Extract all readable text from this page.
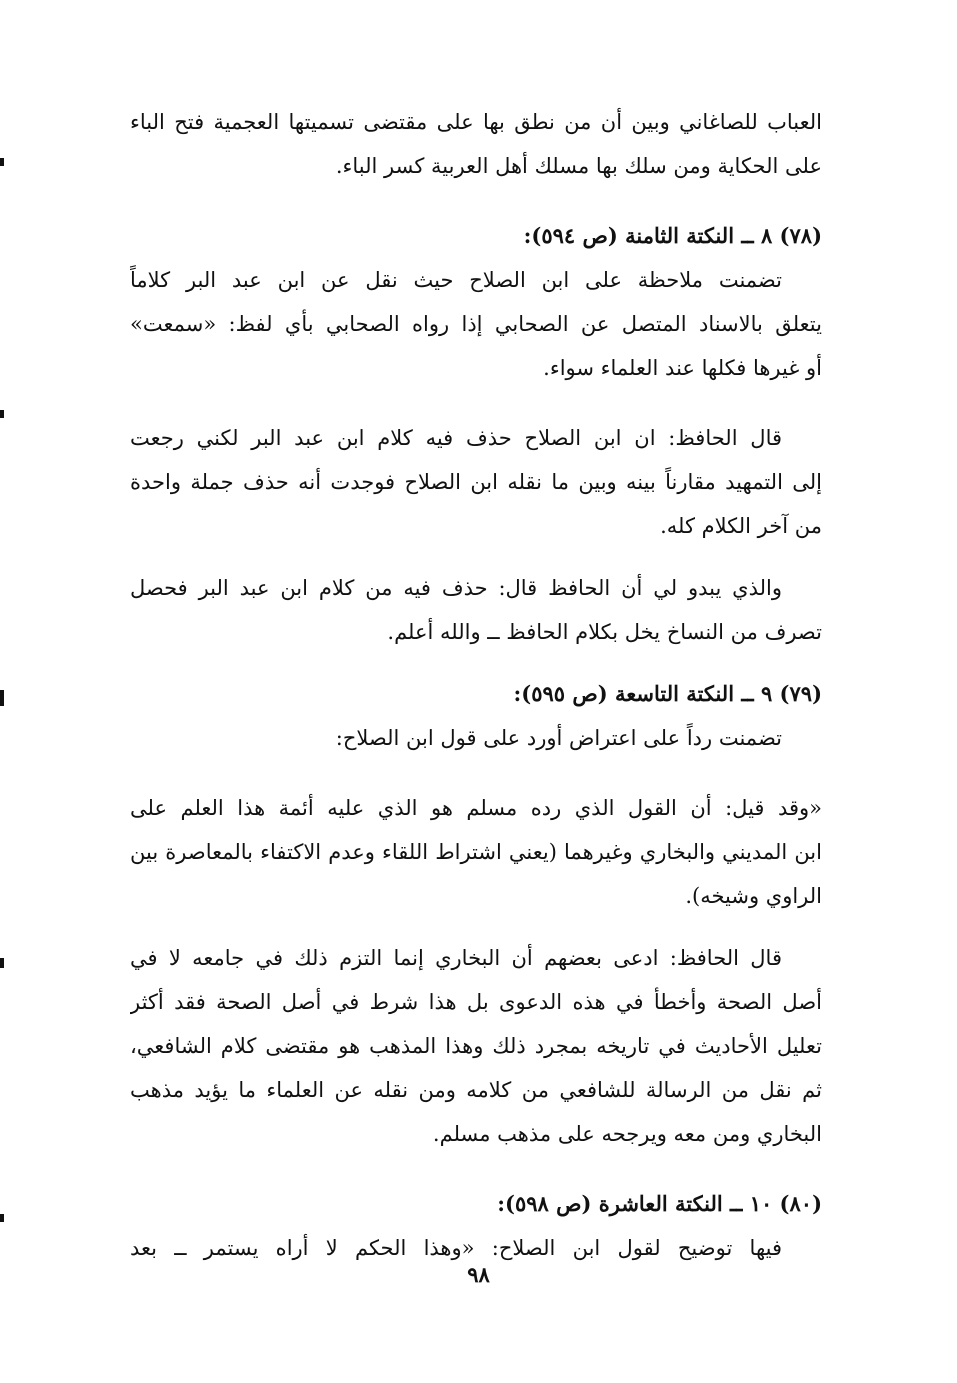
العباب للصاغاني وبين أن من نطق بها على مقتضى تسميتها العجمية فتح الباء
على الحكاية ومن سلك بها مسلك أهل العربية كسر الباء.
(٧٨) ٨ ــ النكتة الثامنة (ص ٥٩٤):
تضمنت ملاحظة على ابن الصلاح حيث نقل عن ابن عبد البر كلاماً
يتعلق بالاسناد المتصل عن الصحابي إذا رواه الصحابي بأي لفظ: «سمعت»
أو غيرها فكلها عند العلماء سواء.
قال الحافظ: ان ابن الصلاح حذف فيه كلام ابن عبد البر لكني رجعت
إلى التمهيد مقارناً بينه وبين ما نقله ابن الصلاح فوجدت أنه حذف جملة واحدة
من آخر الكلام كله.
والذي يبدو لي أن الحافظ قال: حذف فيه من كلام ابن عبد البر فحصل
تصرف من النساخ يخل بكلام الحافظ ــ والله أعلم.
(٧٩) ٩ ــ النكتة التاسعة (ص ٥٩٥):
تضمنت رداً على اعتراض أورد على قول ابن الصلاح:
«وقد قيل: أن القول الذي رده مسلم هو الذي عليه أئمة هذا العلم على
ابن المديني والبخاري وغيرهما (يعني اشتراط اللقاء وعدم الاكتفاء بالمعاصرة بين
الراوي وشيخه).
قال الحافظ: ادعى بعضهم أن البخاري إنما التزم ذلك في جامعه لا في
أصل الصحة وأخطأ في هذه الدعوى بل هذا شرط في أصل الصحة فقد أكثر
تعليل الأحاديث في تاريخه بمجرد ذلك وهذا المذهب هو مقتضى كلام الشافعي،
ثم نقل من الرسالة للشافعي من كلامه ومن نقله عن العلماء ما يؤيد مذهب
البخاري ومن معه ويرجحه على مذهب مسلم.
(٨٠) ١٠ ــ النكتة العاشرة (ص ٥٩٨):
فيها توضيح لقول ابن الصلاح: «وهذا الحكم لا أراه يستمر ــ بعد
٩٨
